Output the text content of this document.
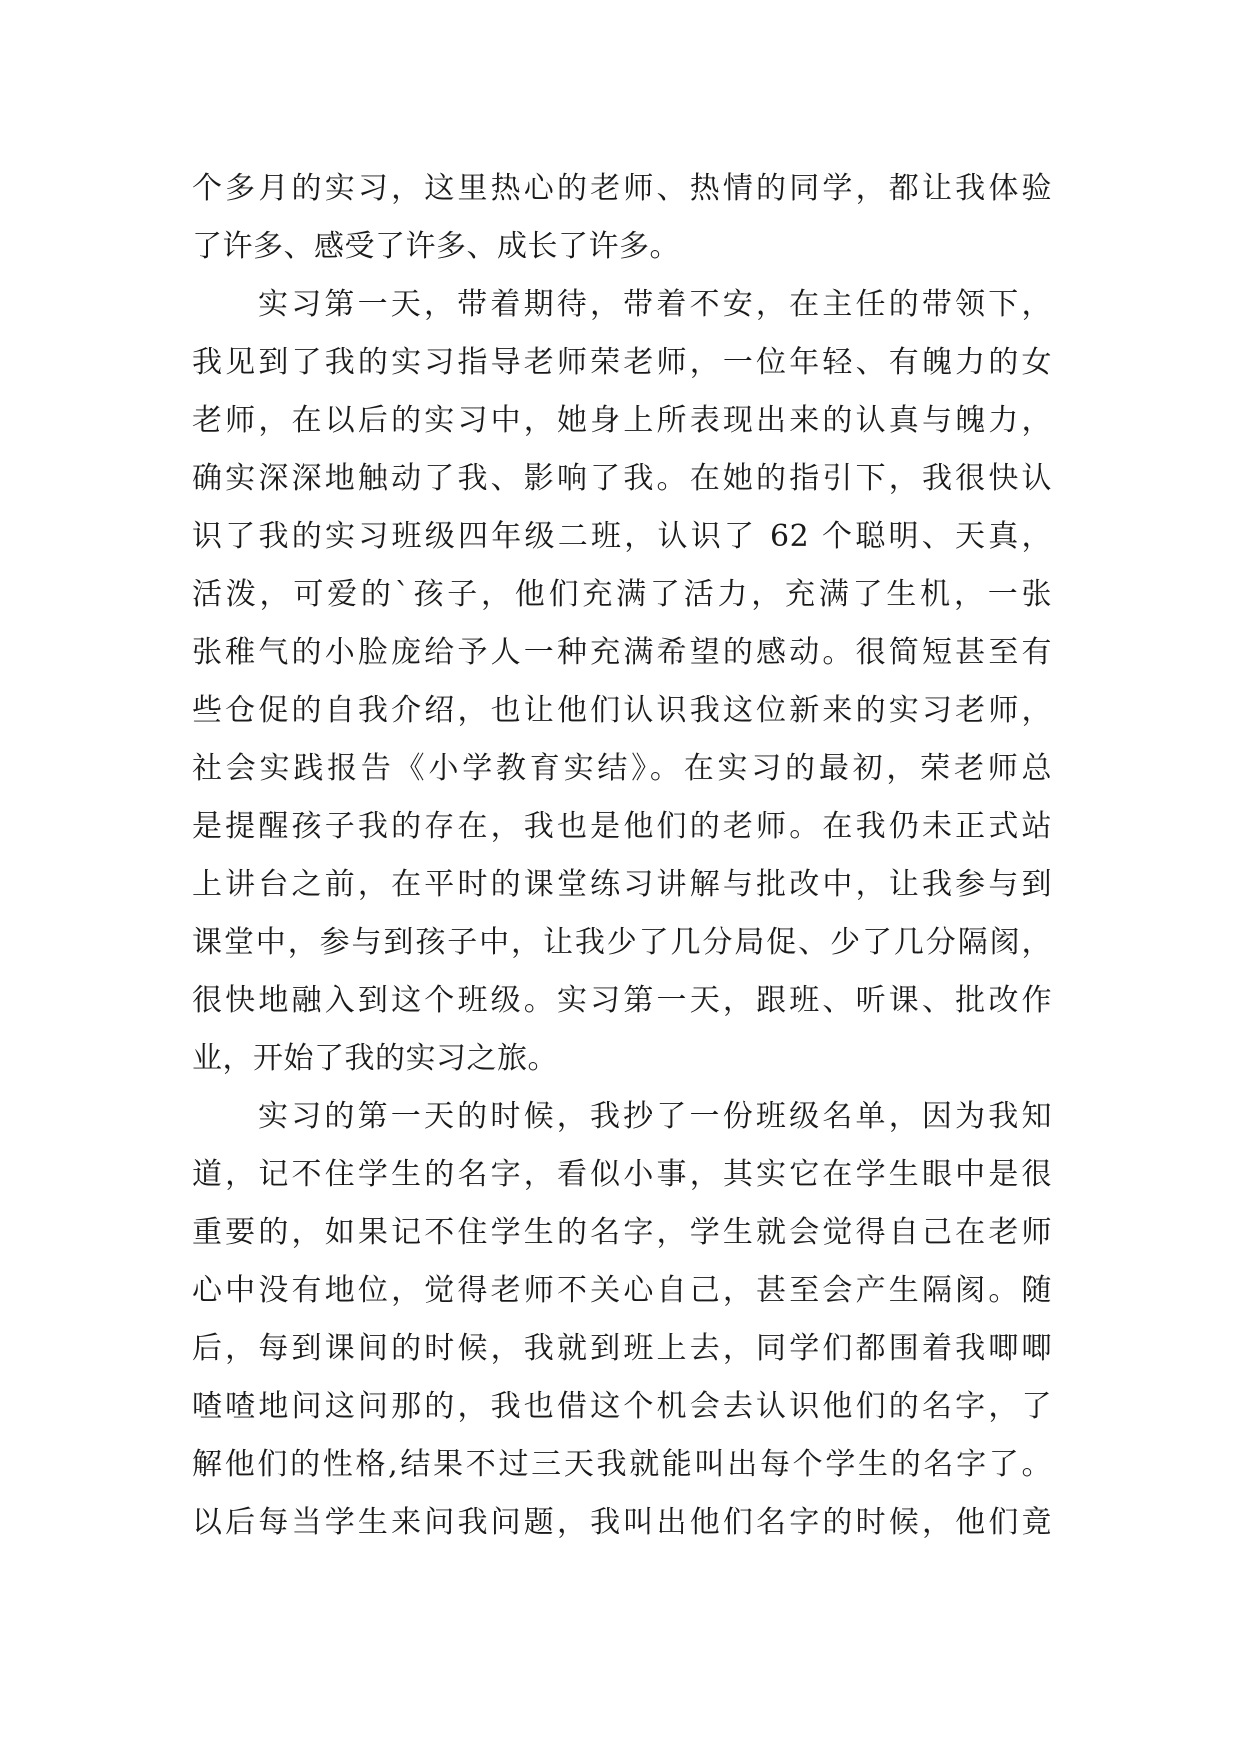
个多月的实习，这里热心的老师、热情的同学，都让我体验
了许多、感受了许多、成长了许多。
实习第一天，带着期待，带着不安，在主任的带领下，
我见到了我的实习指导老师荣老师，一位年轻、有魄力的女
老师，在以后的实习中，她身上所表现出来的认真与魄力，
确实深深地触动了我、影响了我。在她的指引下，我很快认
识了我的实习班级四年级二班，认识了 62 个聪明、天真，
活泼，可爱的`孩子，他们充满了活力，充满了生机，一张
张稚气的小脸庞给予人一种充满希望的感动。很简短甚至有
些仓促的自我介绍，也让他们认识我这位新来的实习老师，
社会实践报告《小学教育实结》。在实习的最初，荣老师总
是提醒孩子我的存在，我也是他们的老师。在我仍未正式站
上讲台之前，在平时的课堂练习讲解与批改中，让我参与到
课堂中，参与到孩子中，让我少了几分局促、少了几分隔阂，
很快地融入到这个班级。实习第一天，跟班、听课、批改作
业，开始了我的实习之旅。
实习的第一天的时候，我抄了一份班级名单，因为我知
道，记不住学生的名字，看似小事，其实它在学生眼中是很
重要的，如果记不住学生的名字，学生就会觉得自己在老师
心中没有地位，觉得老师不关心自己，甚至会产生隔阂。随
后，每到课间的时候，我就到班上去，同学们都围着我唧唧
喳喳地问这问那的，我也借这个机会去认识他们的名字，了
解他们的性格,结果不过三天我就能叫出每个学生的名字了。
以后每当学生来问我问题，我叫出他们名字的时候，他们竟
